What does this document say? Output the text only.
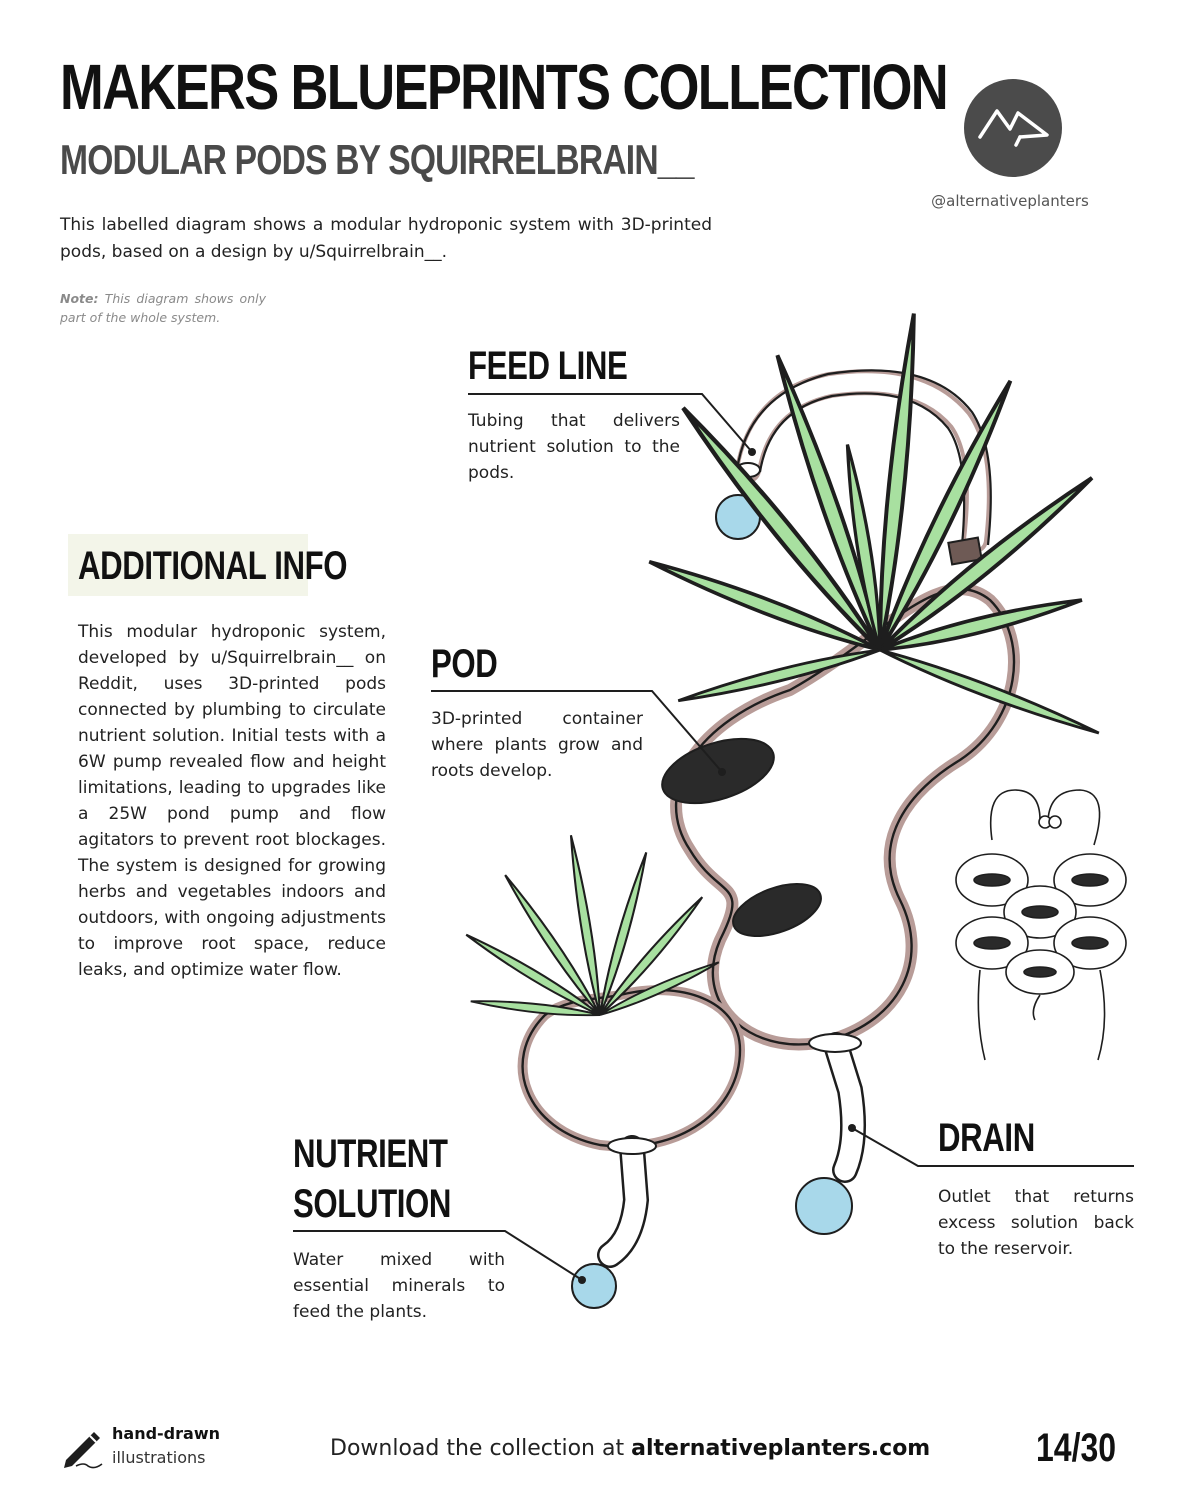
MAKERS BLUEPRINTS COLLECTION
MODULAR PODS BY SQUIRRELBRAIN__
This labelled diagram shows a modular hydroponic system with 3D-printed pods, based on a design by u/Squirrelbrain__.
Note: This diagram shows only part of the whole system.
@alternativeplanters
FEED LINE
Tubing that delivers nutrient solution to the pods.
POD
3D-printed container where plants grow and roots develop.
NUTRIENT
SOLUTION
Water mixed with essential minerals to feed the plants.
DRAIN
Outlet that returns excess solution back to the reservoir.
ADDITIONAL INFO
This modular hydroponic system, developed by u/Squirrelbrain__ on Reddit, uses 3D-printed pods connected by plumbing to circulate nutrient solution. Initial tests with a 6W pump revealed flow and height limitations, leading to upgrades like a 25W pond pump and flow agitators to prevent root blockages. The system is designed for growing herbs and vegetables indoors and outdoors, with ongoing adjustments to improve root space, reduce leaks, and optimize water flow.
hand-drawn
illustrations	Download the collection at alternativeplanters.com	14/30
